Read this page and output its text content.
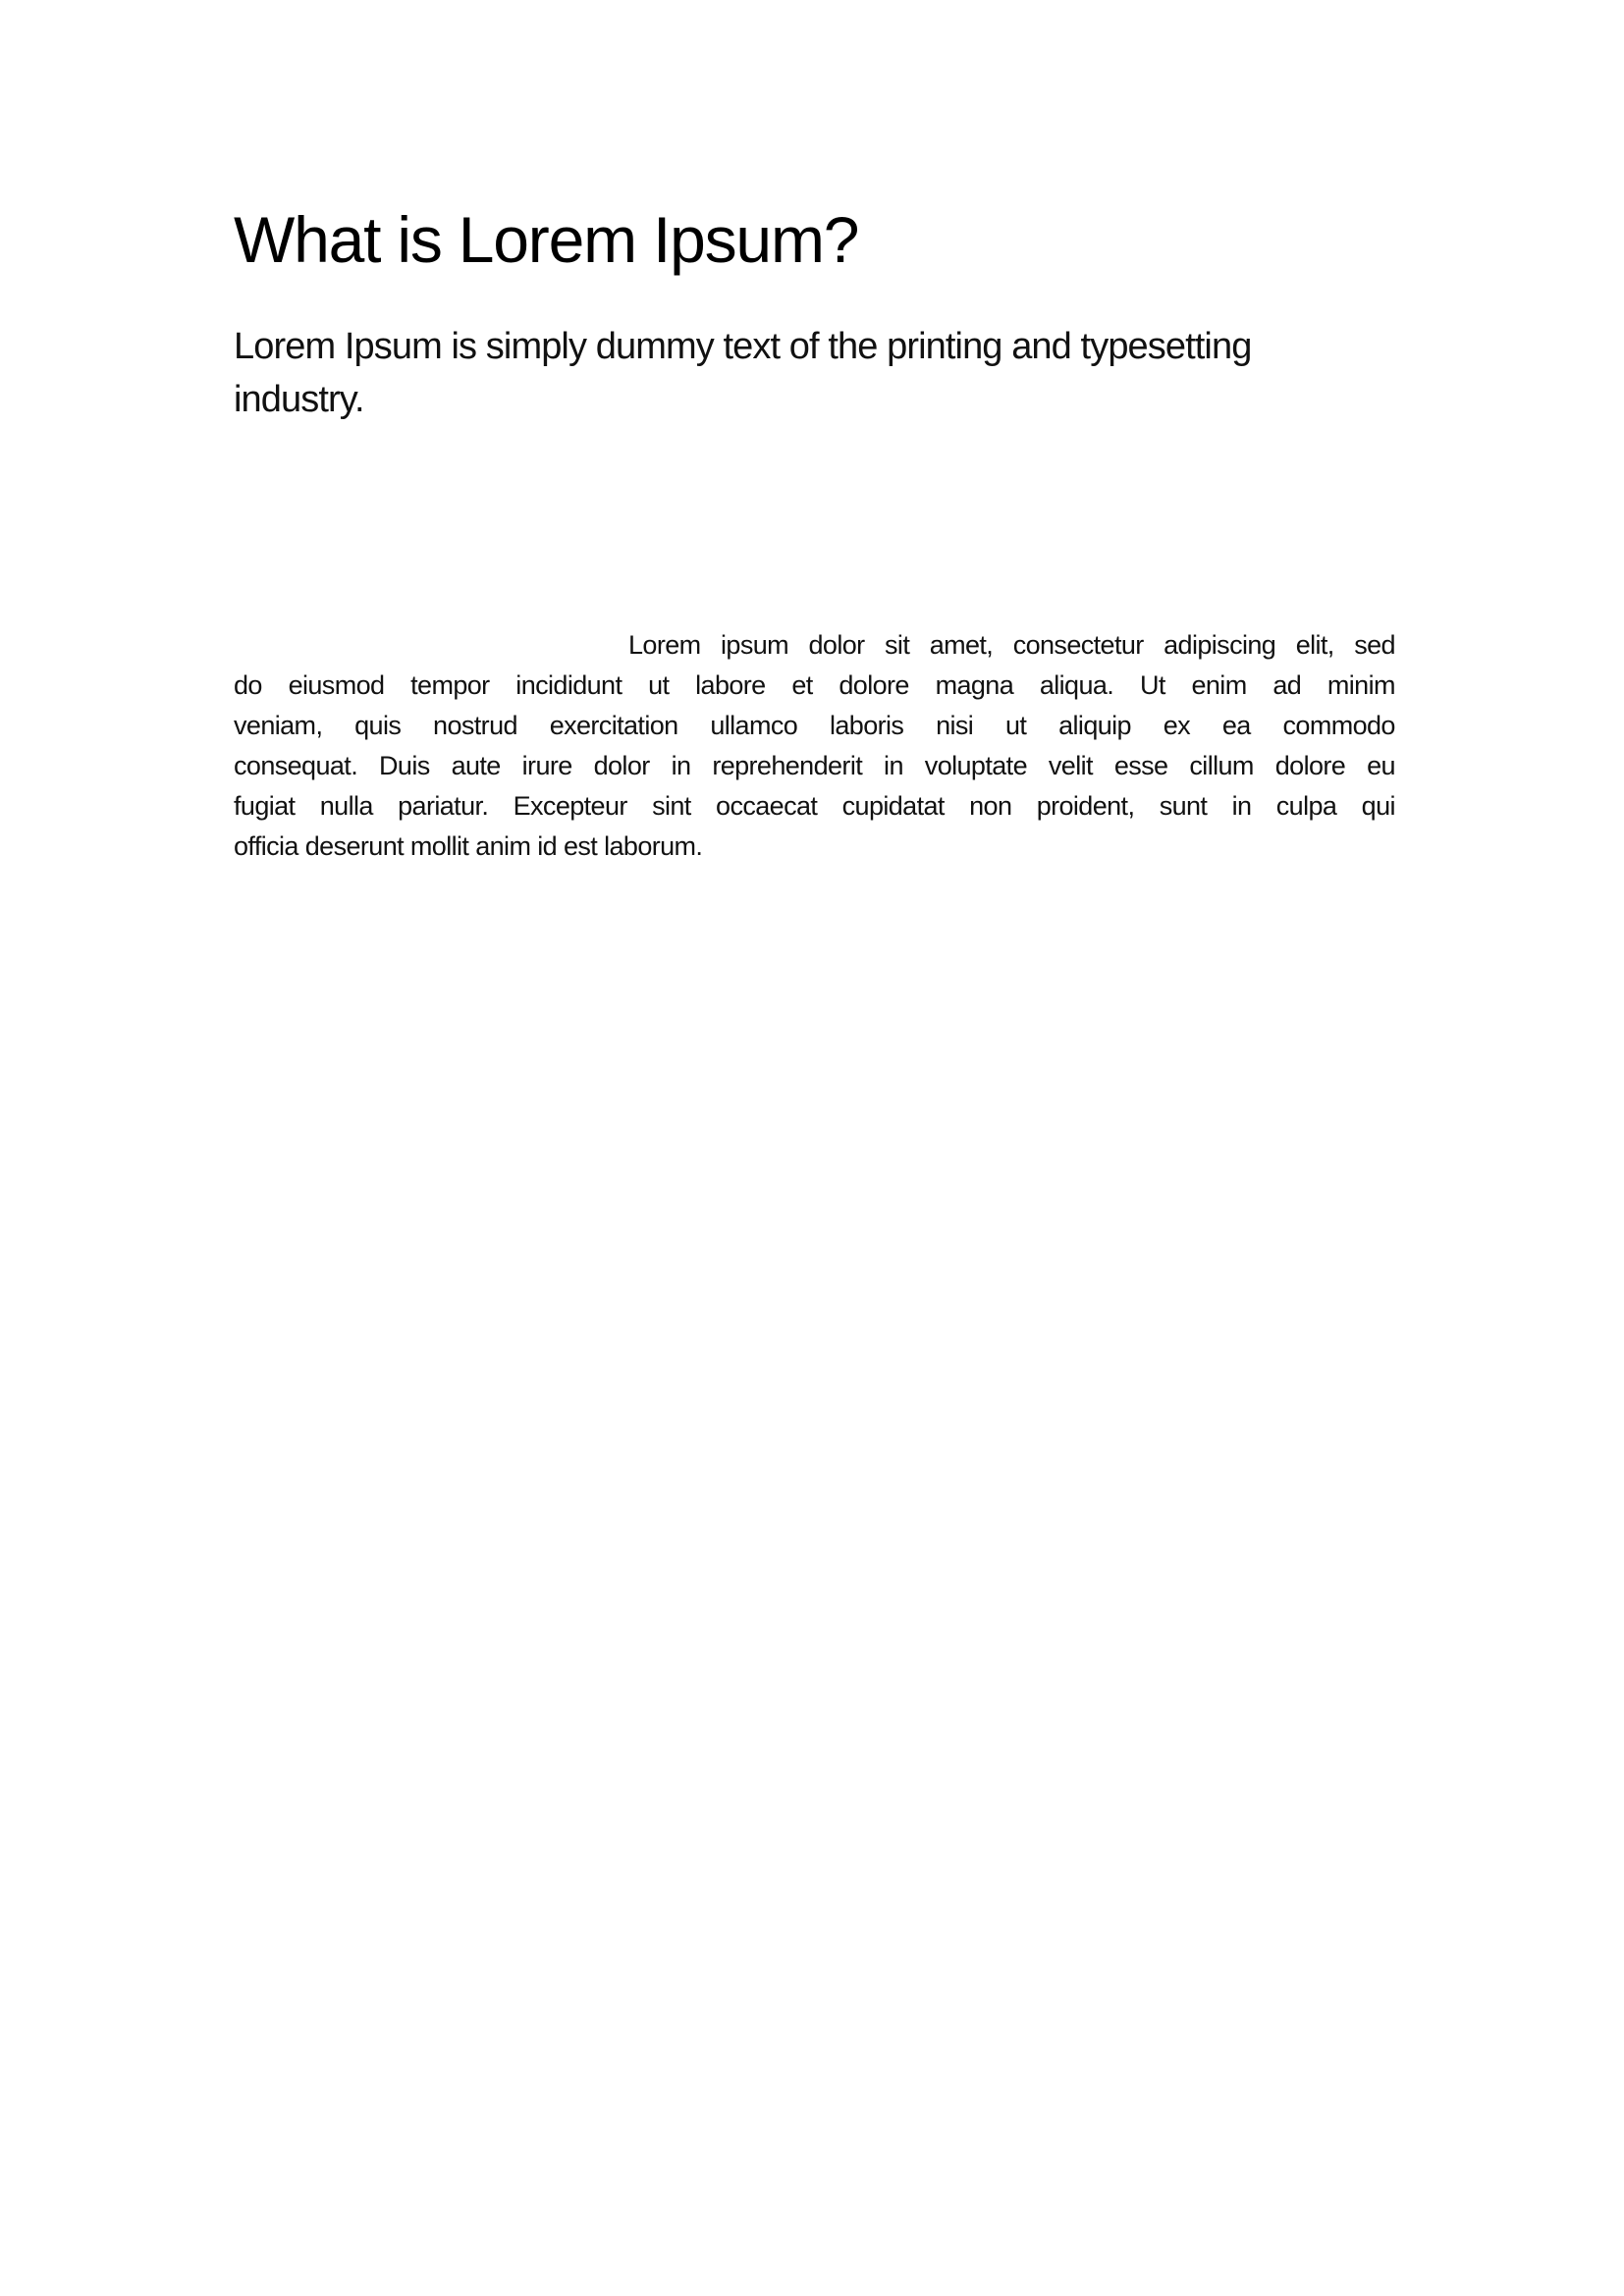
What is Lorem Ipsum?
Lorem Ipsum is simply dummy text of the printing and typesetting
industry.
Lorem ipsum dolor sit amet, consectetur adipiscing elit, sed
do eiusmod tempor incididunt ut labore et dolore magna aliqua. Ut enim ad minim
veniam, quis nostrud exercitation ullamco laboris nisi ut aliquip ex ea commodo
consequat. Duis aute irure dolor in reprehenderit in voluptate velit esse cillum dolore eu
fugiat nulla pariatur. Excepteur sint occaecat cupidatat non proident, sunt in culpa qui
officia deserunt mollit anim id est laborum.
